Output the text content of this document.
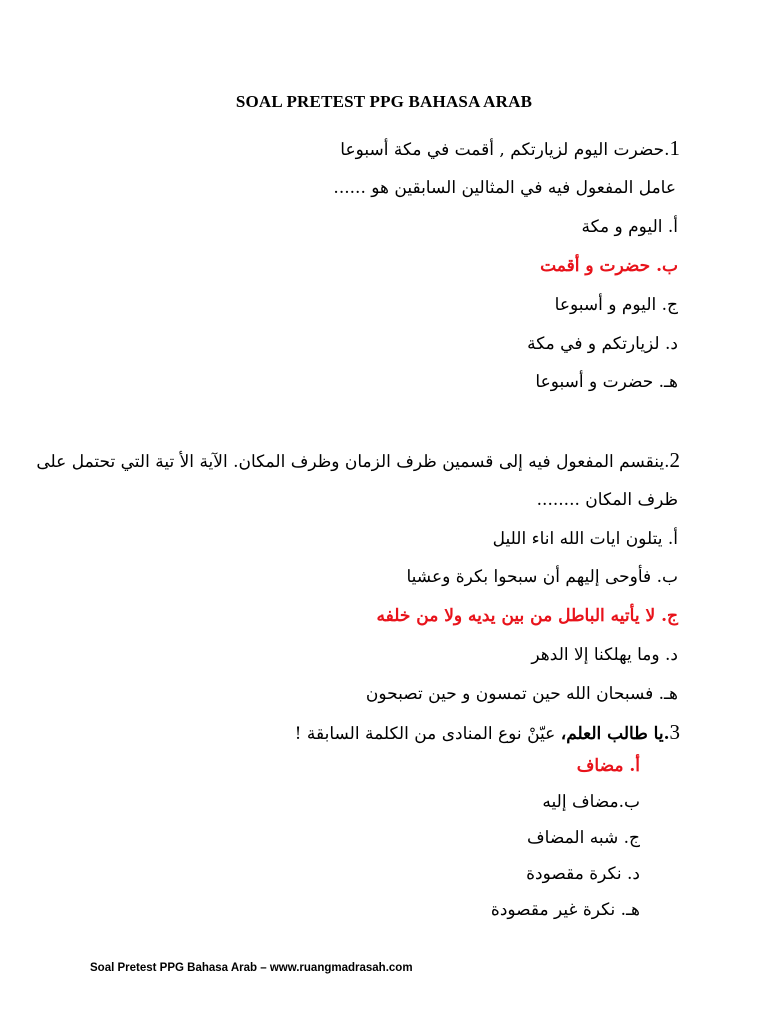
SOAL PRETEST PPG BAHASA ARAB
1.حضرت اليوم لزيارتكم , أقمت في مكة أسبوعا
عامل المفعول فيه في المثالين السابقين هو ......
أ. اليوم و مكة
ب. حضرت و أقمت
ج. اليوم و أسبوعا
د. لزيارتكم و في مكة
هـ. حضرت و أسبوعا
2.ينقسم المفعول فيه إلى قسمين ظرف الزمان وظرف المكان. الآية الأ تية التي تحتمل على
ظرف المكان ........
أ. يتلون ايات الله اناء الليل
ب. فأوحى إليهم أن سبحوا بكرة وعشيا
ج. لا يأتيه الباطل من بين يديه ولا من خلفه
د. وما يهلكنا إلا الدهر
هـ. فسبحان الله حين تمسون و حين تصبحون
3.يا طالب العلم، عيّنْ نوع المنادى من الكلمة السابقة !
أ. مضاف
ب.مضاف إليه
ج. شبه المضاف
د. نكرة مقصودة
هـ. نكرة غير مقصودة
Soal Pretest PPG Bahasa Arab – www.ruangmadrasah.com
